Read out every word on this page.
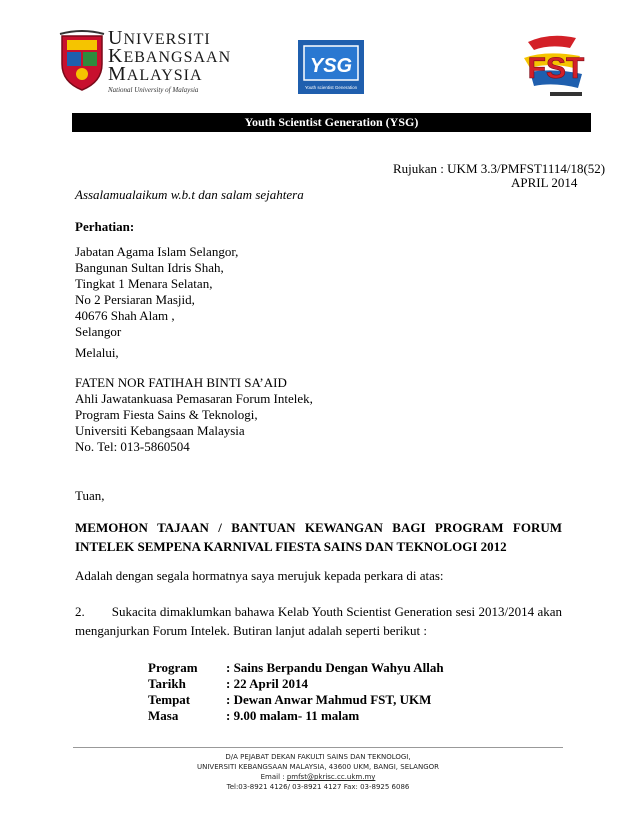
UNIVERSITI
KEBANGSAAN
MALAYSIA
National University of Malaysia
YSG
Youth scientist Generation
FST
Youth Scientist Generation (YSG)
Rujukan : UKM 3.3/PMFST1114/18(52)
APRIL 2014
Assalamualaikum w.b.t dan salam sejahtera
Perhatian:
Jabatan Agama Islam Selangor,
Bangunan Sultan Idris Shah,
Tingkat 1 Menara Selatan,
No 2 Persiaran Masjid,
40676 Shah Alam ,
Selangor
Melalui,
FATEN NOR FATIHAH BINTI SA’AID
Ahli Jawatankuasa Pemasaran Forum Intelek,
Program Fiesta Sains & Teknologi,
Universiti Kebangsaan Malaysia
No. Tel: 013-5860504
Tuan,
MEMOHON TAJAAN / BANTUAN KEWANGAN BAGI PROGRAM FORUM
INTELEK SEMPENA KARNIVAL FIESTA SAINS DAN TEKNOLOGI 2012
Adalah dengan segala hormatnya saya merujuk kepada perkara di atas:
2.        Sukacita dimaklumkan bahawa Kelab Youth Scientist Generation sesi 2013/2014 akan
menganjurkan Forum Intelek. Butiran lanjut adalah seperti berikut :
Program	: Sains Berpandu Dengan Wahyu Allah
Tarikh	: 22 April 2014
Tempat	: Dewan Anwar Mahmud FST, UKM
Masa	: 9.00 malam- 11 malam
D/A PEJABAT DEKAN FAKULTI SAINS DAN TEKNOLOGI,
UNIVERSITI KEBANGSAAN MALAYSIA, 43600 UKM, BANGI, SELANGOR
Email : pmfst@pkrisc.cc.ukm.my
Tel:03-8921 4126/ 03-8921 4127 Fax: 03-8925 6086
